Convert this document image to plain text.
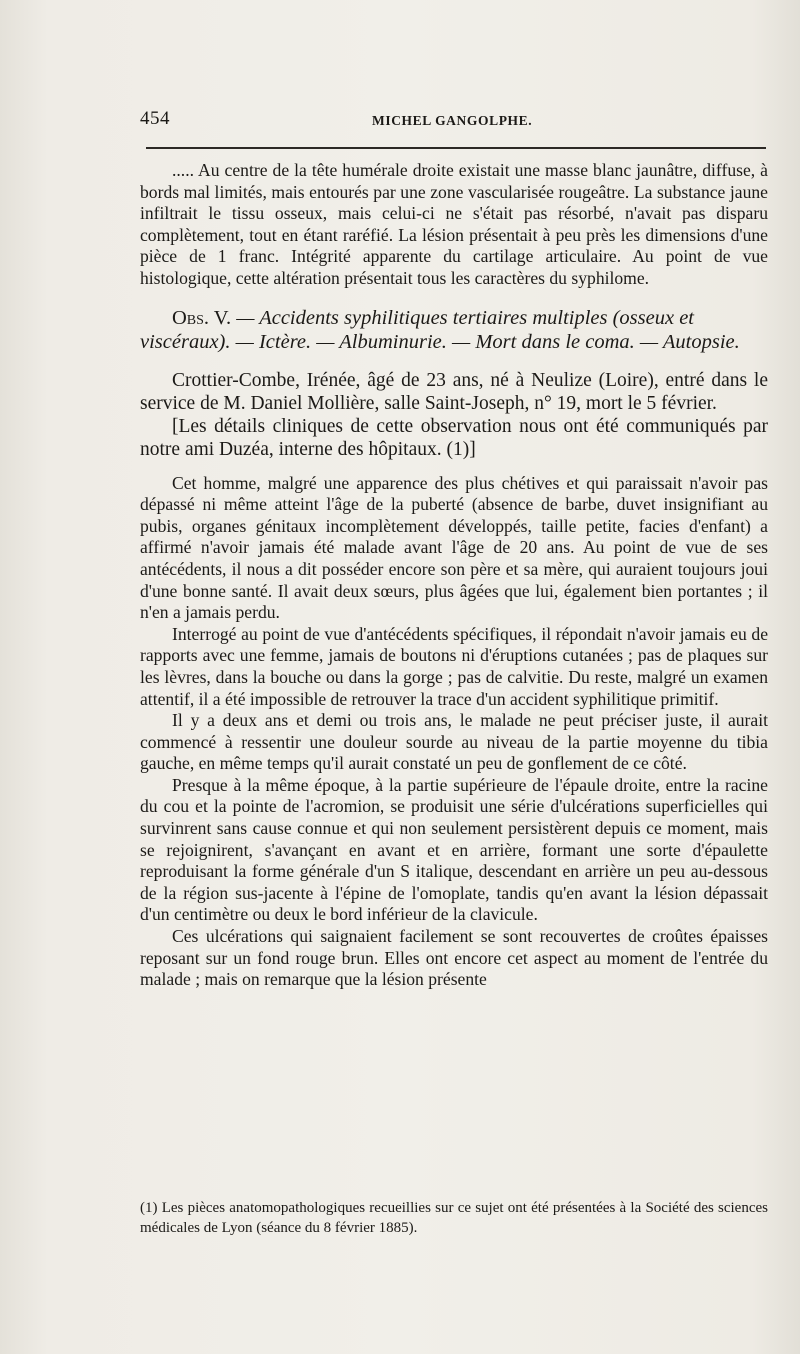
454	MICHEL GANGOLPHE.

..... Au centre de la tête humérale droite existait une masse blanc jaunâtre, diffuse, à bords mal limités, mais entourés par une zone vascularisée rougeâtre. La substance jaune infiltrait le tissu osseux, mais celui-ci ne s'était pas résorbé, n'avait pas disparu complètement, tout en étant raréfié. La lésion présentait à peu près les dimensions d'une pièce de 1 franc. Intégrité apparente du cartilage articulaire. Au point de vue histologique, cette altération présentait tous les caractères du syphilome.

Obs. V. — Accidents syphilitiques tertiaires multiples (osseux et viscéraux). — Ictère. — Albuminurie. — Mort dans le coma. — Autopsie.

Crottier-Combe, Irénée, âgé de 23 ans, né à Neulize (Loire), entré dans le service de M. Daniel Mollière, salle Saint-Joseph, n° 19, mort le 5 février.

[Les détails cliniques de cette observation nous ont été communiqués par notre ami Duzéa, interne des hôpitaux. (1)]

Cet homme, malgré une apparence des plus chétives et qui paraissait n'avoir pas dépassé ni même atteint l'âge de la puberté (absence de barbe, duvet insignifiant au pubis, organes génitaux incomplètement développés, taille petite, facies d'enfant) a affirmé n'avoir jamais été malade avant l'âge de 20 ans. Au point de vue de ses antécédents, il nous a dit posséder encore son père et sa mère, qui auraient toujours joui d'une bonne santé. Il avait deux sœurs, plus âgées que lui, également bien portantes ; il n'en a jamais perdu.

Interrogé au point de vue d'antécédents spécifiques, il répondait n'avoir jamais eu de rapports avec une femme, jamais de boutons ni d'éruptions cutanées ; pas de plaques sur les lèvres, dans la bouche ou dans la gorge ; pas de calvitie. Du reste, malgré un examen attentif, il a été impossible de retrouver la trace d'un accident syphilitique primitif.

Il y a deux ans et demi ou trois ans, le malade ne peut préciser juste, il aurait commencé à ressentir une douleur sourde au niveau de la partie moyenne du tibia gauche, en même temps qu'il aurait constaté un peu de gonflement de ce côté.

Presque à la même époque, à la partie supérieure de l'épaule droite, entre la racine du cou et la pointe de l'acromion, se produisit une série d'ulcérations superficielles qui survinrent sans cause connue et qui non seulement persistèrent depuis ce moment, mais se rejoignirent, s'avançant en avant et en arrière, formant une sorte d'épaulette reproduisant la forme générale d'un S italique, descendant en arrière un peu au-dessous de la région sus-jacente à l'épine de l'omoplate, tandis qu'en avant la lésion dépassait d'un centimètre ou deux le bord inférieur de la clavicule.

Ces ulcérations qui saignaient facilement se sont recouvertes de croûtes épaisses reposant sur un fond rouge brun. Elles ont encore cet aspect au moment de l'entrée du malade ; mais on remarque que la lésion présente

(1) Les pièces anatomopathologiques recueillies sur ce sujet ont été présentées à la Société des sciences médicales de Lyon (séance du 8 février 1885).
